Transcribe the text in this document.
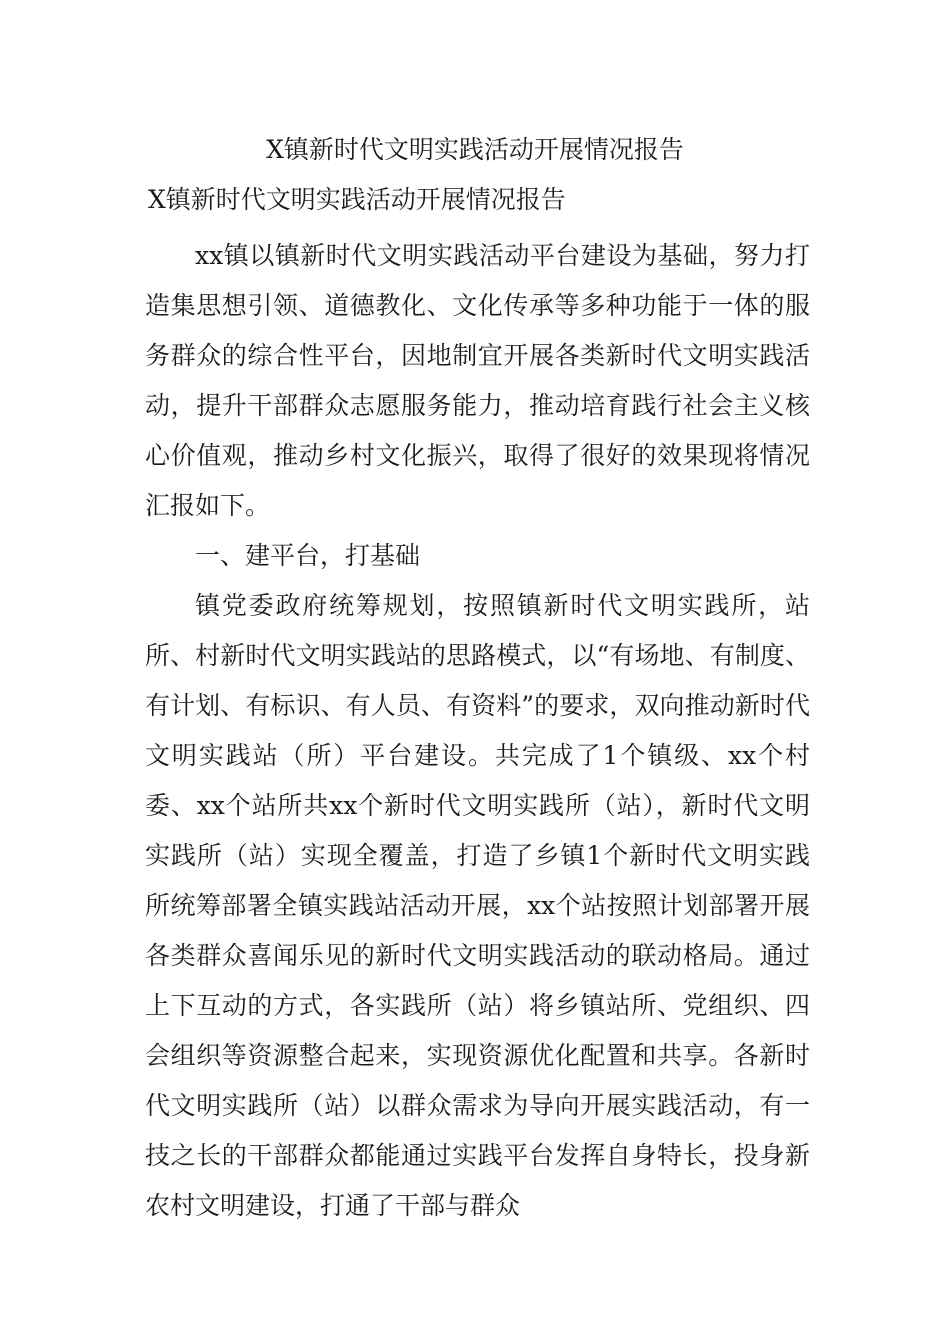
X镇新时代文明实践活动开展情况报告
X镇新时代文明实践活动开展情况报告

xx镇以镇新时代文明实践活动平台建设为基础，努力打造集思想引领、道德教化、文化传承等多种功能于一体的服务群众的综合性平台，因地制宜开展各类新时代文明实践活动，提升干部群众志愿服务能力，推动培育践行社会主义核心价值观，推动乡村文化振兴，取得了很好的效果现将情况汇报如下。

一、建平台，打基础

镇党委政府统筹规划，按照镇新时代文明实践所，站所、村新时代文明实践站的思路模式，以“有场地、有制度、有计划、有标识、有人员、有资料”的要求，双向推动新时代文明实践站（所）平台建设。共完成了1个镇级、xx个村委、xx个站所共xx个新时代文明实践所（站），新时代文明实践所（站）实现全覆盖，打造了乡镇1个新时代文明实践所统筹部署全镇实践站活动开展，xx个站按照计划部署开展各类群众喜闻乐见的新时代文明实践活动的联动格局。通过上下互动的方式，各实践所（站）将乡镇站所、党组织、四会组织等资源整合起来，实现资源优化配置和共享。各新时代文明实践所（站）以群众需求为导向开展实践活动，有一技之长的干部群众都能通过实践平台发挥自身特长，投身新农村文明建设，打通了干部与群众
